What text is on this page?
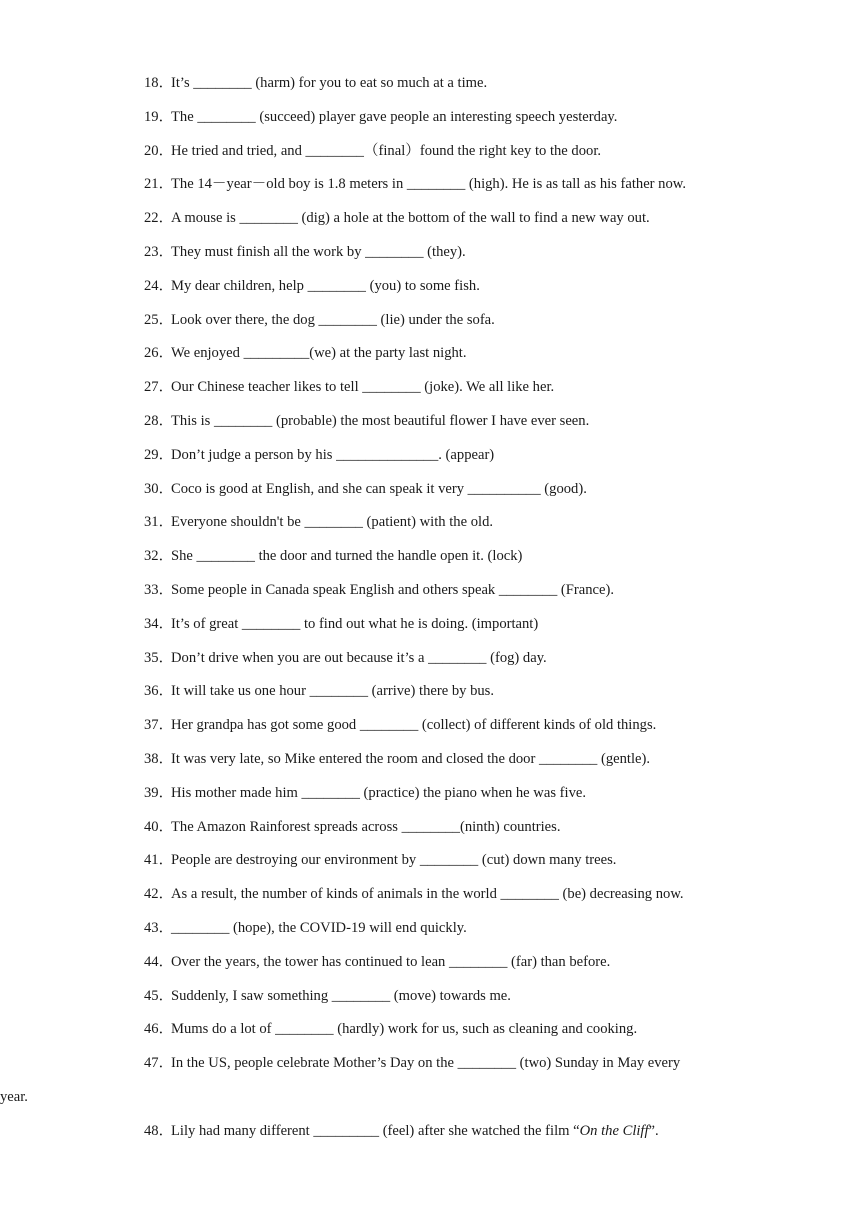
18．It’s ________ (harm) for you to eat so much at a time.
19．The ________ (succeed) player gave people an interesting speech yesterday.
20．He tried and tried, and ________（final）found the right key to the door.
21．The 14－year－old boy is 1.8 meters in ________ (high). He is as tall as his father now.
22．A mouse is ________ (dig) a hole at the bottom of the wall to find a new way out.
23．They must finish all the work by ________ (they).
24．My dear children, help ________ (you) to some fish.
25．Look over there, the dog ________ (lie) under the sofa.
26．We enjoyed _________(we) at the party last night.
27．Our Chinese teacher likes to tell ________ (joke). We all like her.
28．This is ________ (probable) the most beautiful flower I have ever seen.
29．Don’t judge a person by his ______________. (appear)
30．Coco is good at English, and she can speak it very __________ (good).
31．Everyone shouldn't be ________ (patient) with the old.
32．She ________ the door and turned the handle open it. (lock)
33．Some people in Canada speak English and others speak ________ (France).
34．It’s of great ________ to find out what he is doing. (important)
35．Don’t drive when you are out because it’s a ________ (fog) day.
36．It will take us one hour ________ (arrive) there by bus.
37．Her grandpa has got some good ________ (collect) of different kinds of old things.
38．It was very late, so Mike entered the room and closed the door ________ (gentle).
39．His mother made him ________ (practice) the piano when he was five.
40．The Amazon Rainforest spreads across ________(ninth) countries.
41．People are destroying our environment by ________ (cut) down many trees.
42．As a result, the number of kinds of animals in the world ________ (be) decreasing now.
43．________ (hope), the COVID-19 will end quickly.
44．Over the years, the tower has continued to lean ________ (far) than before.
45．Suddenly, I saw something ________ (move) towards me.
46．Mums do a lot of ________ (hardly) work for us, such as cleaning and cooking.
47．In the US, people celebrate Mother’s Day on the ________ (two) Sunday in May every
year.
48．Lily had many different _________ (feel) after she watched the film “On the Cliff”.
